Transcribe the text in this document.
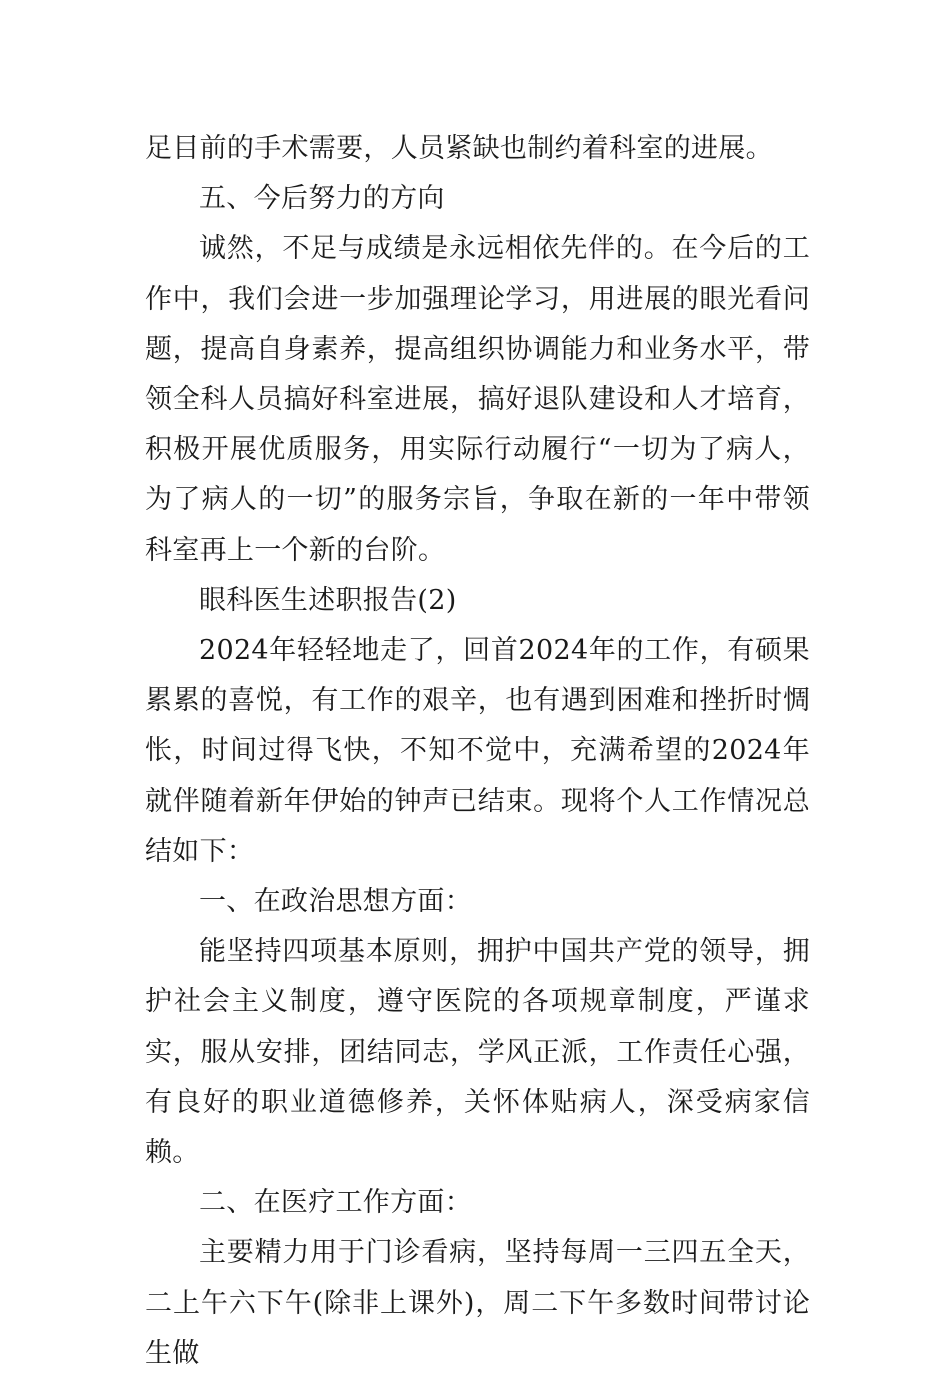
足目前的手术需要，人员紧缺也制约着科室的进展。

五、今后努力的方向

诚然，不足与成绩是永远相依先伴的。在今后的工作中，我们会进一步加强理论学习，用进展的眼光看问题，提高自身素养，提高组织协调能力和业务水平，带领全科人员搞好科室进展，搞好退队建设和人才培育，积极开展优质服务，用实际行动履行“一切为了病人，为了病人的一切”的服务宗旨，争取在新的一年中带领科室再上一个新的台阶。

眼科医生述职报告(2)

2024年轻轻地走了，回首2024年的工作，有硕果累累的喜悦，有工作的艰辛，也有遇到困难和挫折时惆怅，时间过得飞快，不知不觉中，充满希望的2024年就伴随着新年伊始的钟声已结束。现将个人工作情况总结如下：

一、在政治思想方面：

能坚持四项基本原则，拥护中国共产党的领导，拥护社会主义制度，遵守医院的各项规章制度，严谨求实，服从安排，团结同志，学风正派，工作责任心强，有良好的职业道德修养，关怀体贴病人，深受病家信赖。

二、在医疗工作方面：

主要精力用于门诊看病，坚持每周一三四五全天，二上午六下午(除非上课外)，周二下午多数时间带讨论生做
